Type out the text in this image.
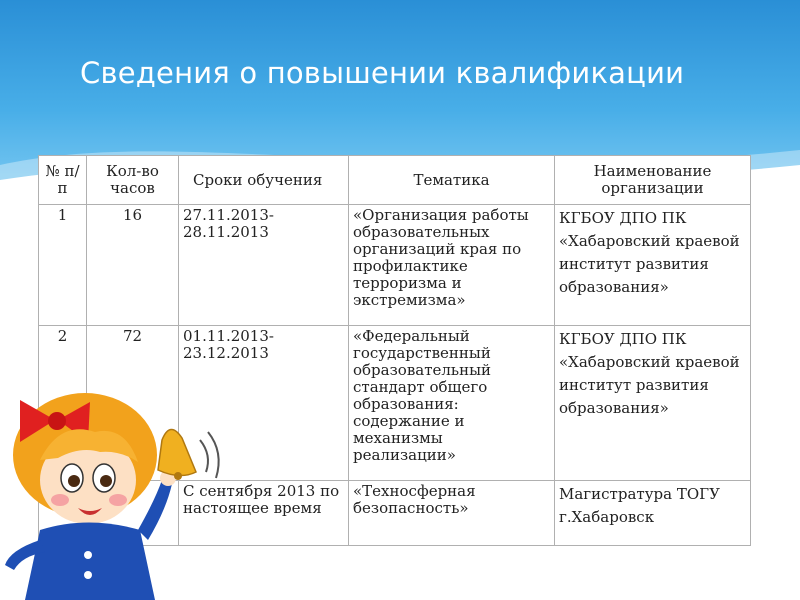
Сведения о повышении квалификации
№ п/п	Кол-во часов	Сроки обучения	Тематика	Наименование организации
1	16	27.11.2013-28.11.2013	«Организация работы образовательных организаций края по профилактике терроризма и экстремизма»	КГБОУ ДПО ПК «Хабаровский краевой институт развития образования»
2	72	01.11.2013-23.12.2013	«Федеральный государственный образовательный стандарт общего образования: содержание и механизмы реализации»	КГБОУ ДПО ПК «Хабаровский краевой институт развития образования»
		С сентября 2013 по настоящее время	«Техносферная безопасность»	Магистратура ТОГУ г.Хабаровск
